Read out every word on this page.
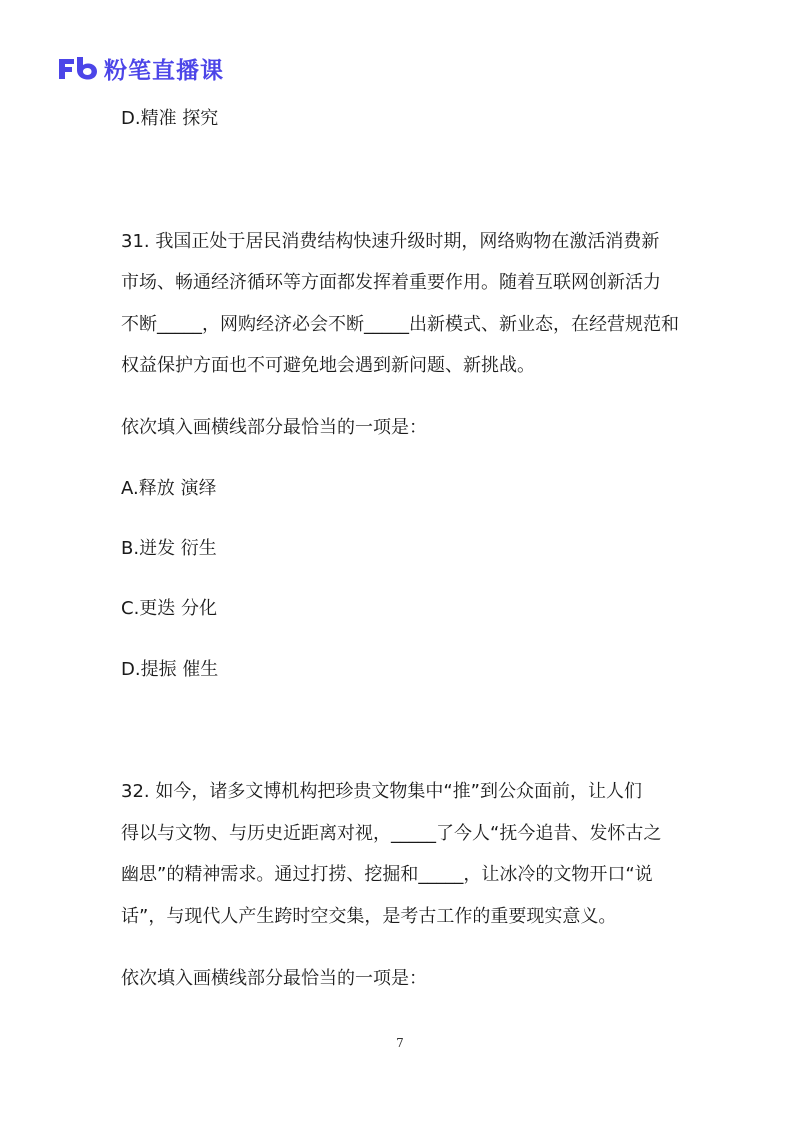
粉笔直播课
D.精准 探究
31. 我国正处于居民消费结构快速升级时期，网络购物在激活消费新
市场、畅通经济循环等方面都发挥着重要作用。随着互联网创新活力
不断_____，网购经济必会不断_____出新模式、新业态，在经营规范和
权益保护方面也不可避免地会遇到新问题、新挑战。
依次填入画横线部分最恰当的一项是：
A.释放 演绎
B.迸发 衍生
C.更迭 分化
D.提振 催生
32. 如今，诸多文博机构把珍贵文物集中“推”到公众面前，让人们
得以与文物、与历史近距离对视，_____了今人“抚今追昔、发怀古之
幽思”的精神需求。通过打捞、挖掘和_____，让冰冷的文物开口“说
话”，与现代人产生跨时空交集，是考古工作的重要现实意义。
依次填入画横线部分最恰当的一项是：
7
